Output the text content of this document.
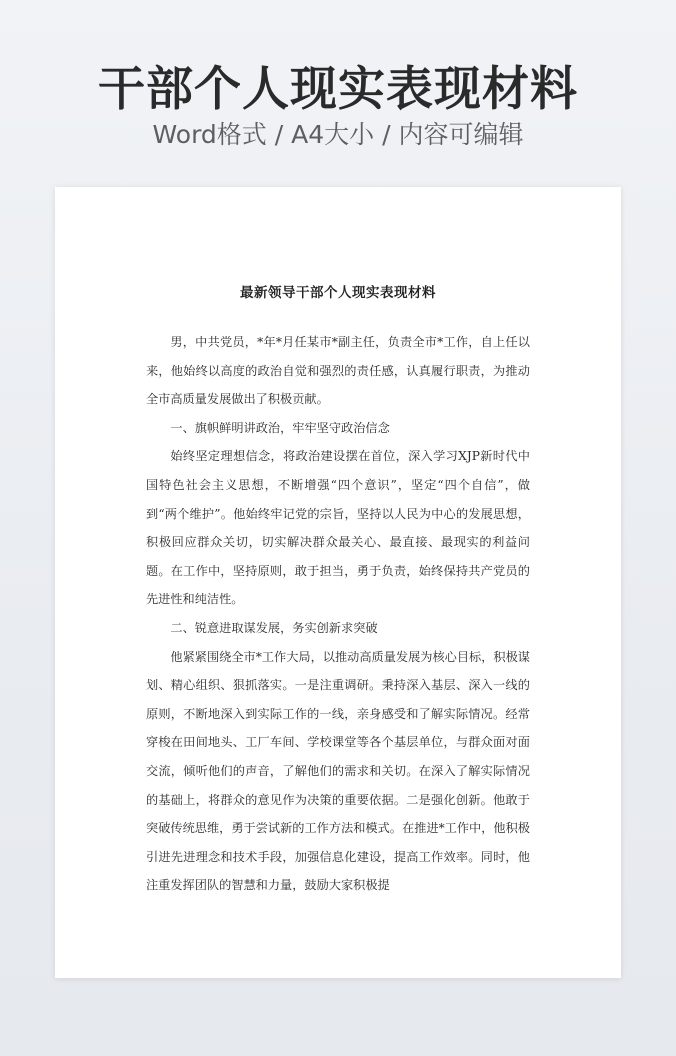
干部个人现实表现材料
Word格式 / A4大小 / 内容可编辑
最新领导干部个人现实表现材料

男，中共党员，*年*月任某市*副主任，负责全市*工作，自上任以来，他始终以高度的政治自觉和强烈的责任感，认真履行职责，为推动全市高质量发展做出了积极贡献。

一、旗帜鲜明讲政治，牢牢坚守政治信念

始终坚定理想信念，将政治建设摆在首位，深入学习XJP新时代中国特色社会主义思想，不断增强“四个意识”，坚定“四个自信”，做到“两个维护”。他始终牢记党的宗旨，坚持以人民为中心的发展思想，积极回应群众关切，切实解决群众最关心、最直接、最现实的利益问题。在工作中，坚持原则，敢于担当，勇于负责，始终保持共产党员的先进性和纯洁性。

二、锐意进取谋发展，务实创新求突破

他紧紧围绕全市*工作大局，以推动高质量发展为核心目标，积极谋划、精心组织、狠抓落实。一是注重调研。秉持深入基层、深入一线的原则，不断地深入到实际工作的一线，亲身感受和了解实际情况。经常穿梭在田间地头、工厂车间、学校课堂等各个基层单位，与群众面对面交流，倾听他们的声音，了解他们的需求和关切。在深入了解实际情况的基础上，将群众的意见作为决策的重要依据。二是强化创新。他敢于突破传统思维，勇于尝试新的工作方法和模式。在推进*工作中，他积极引进先进理念和技术手段，加强信息化建设，提高工作效率。同时，他注重发挥团队的智慧和力量，鼓励大家积极提
